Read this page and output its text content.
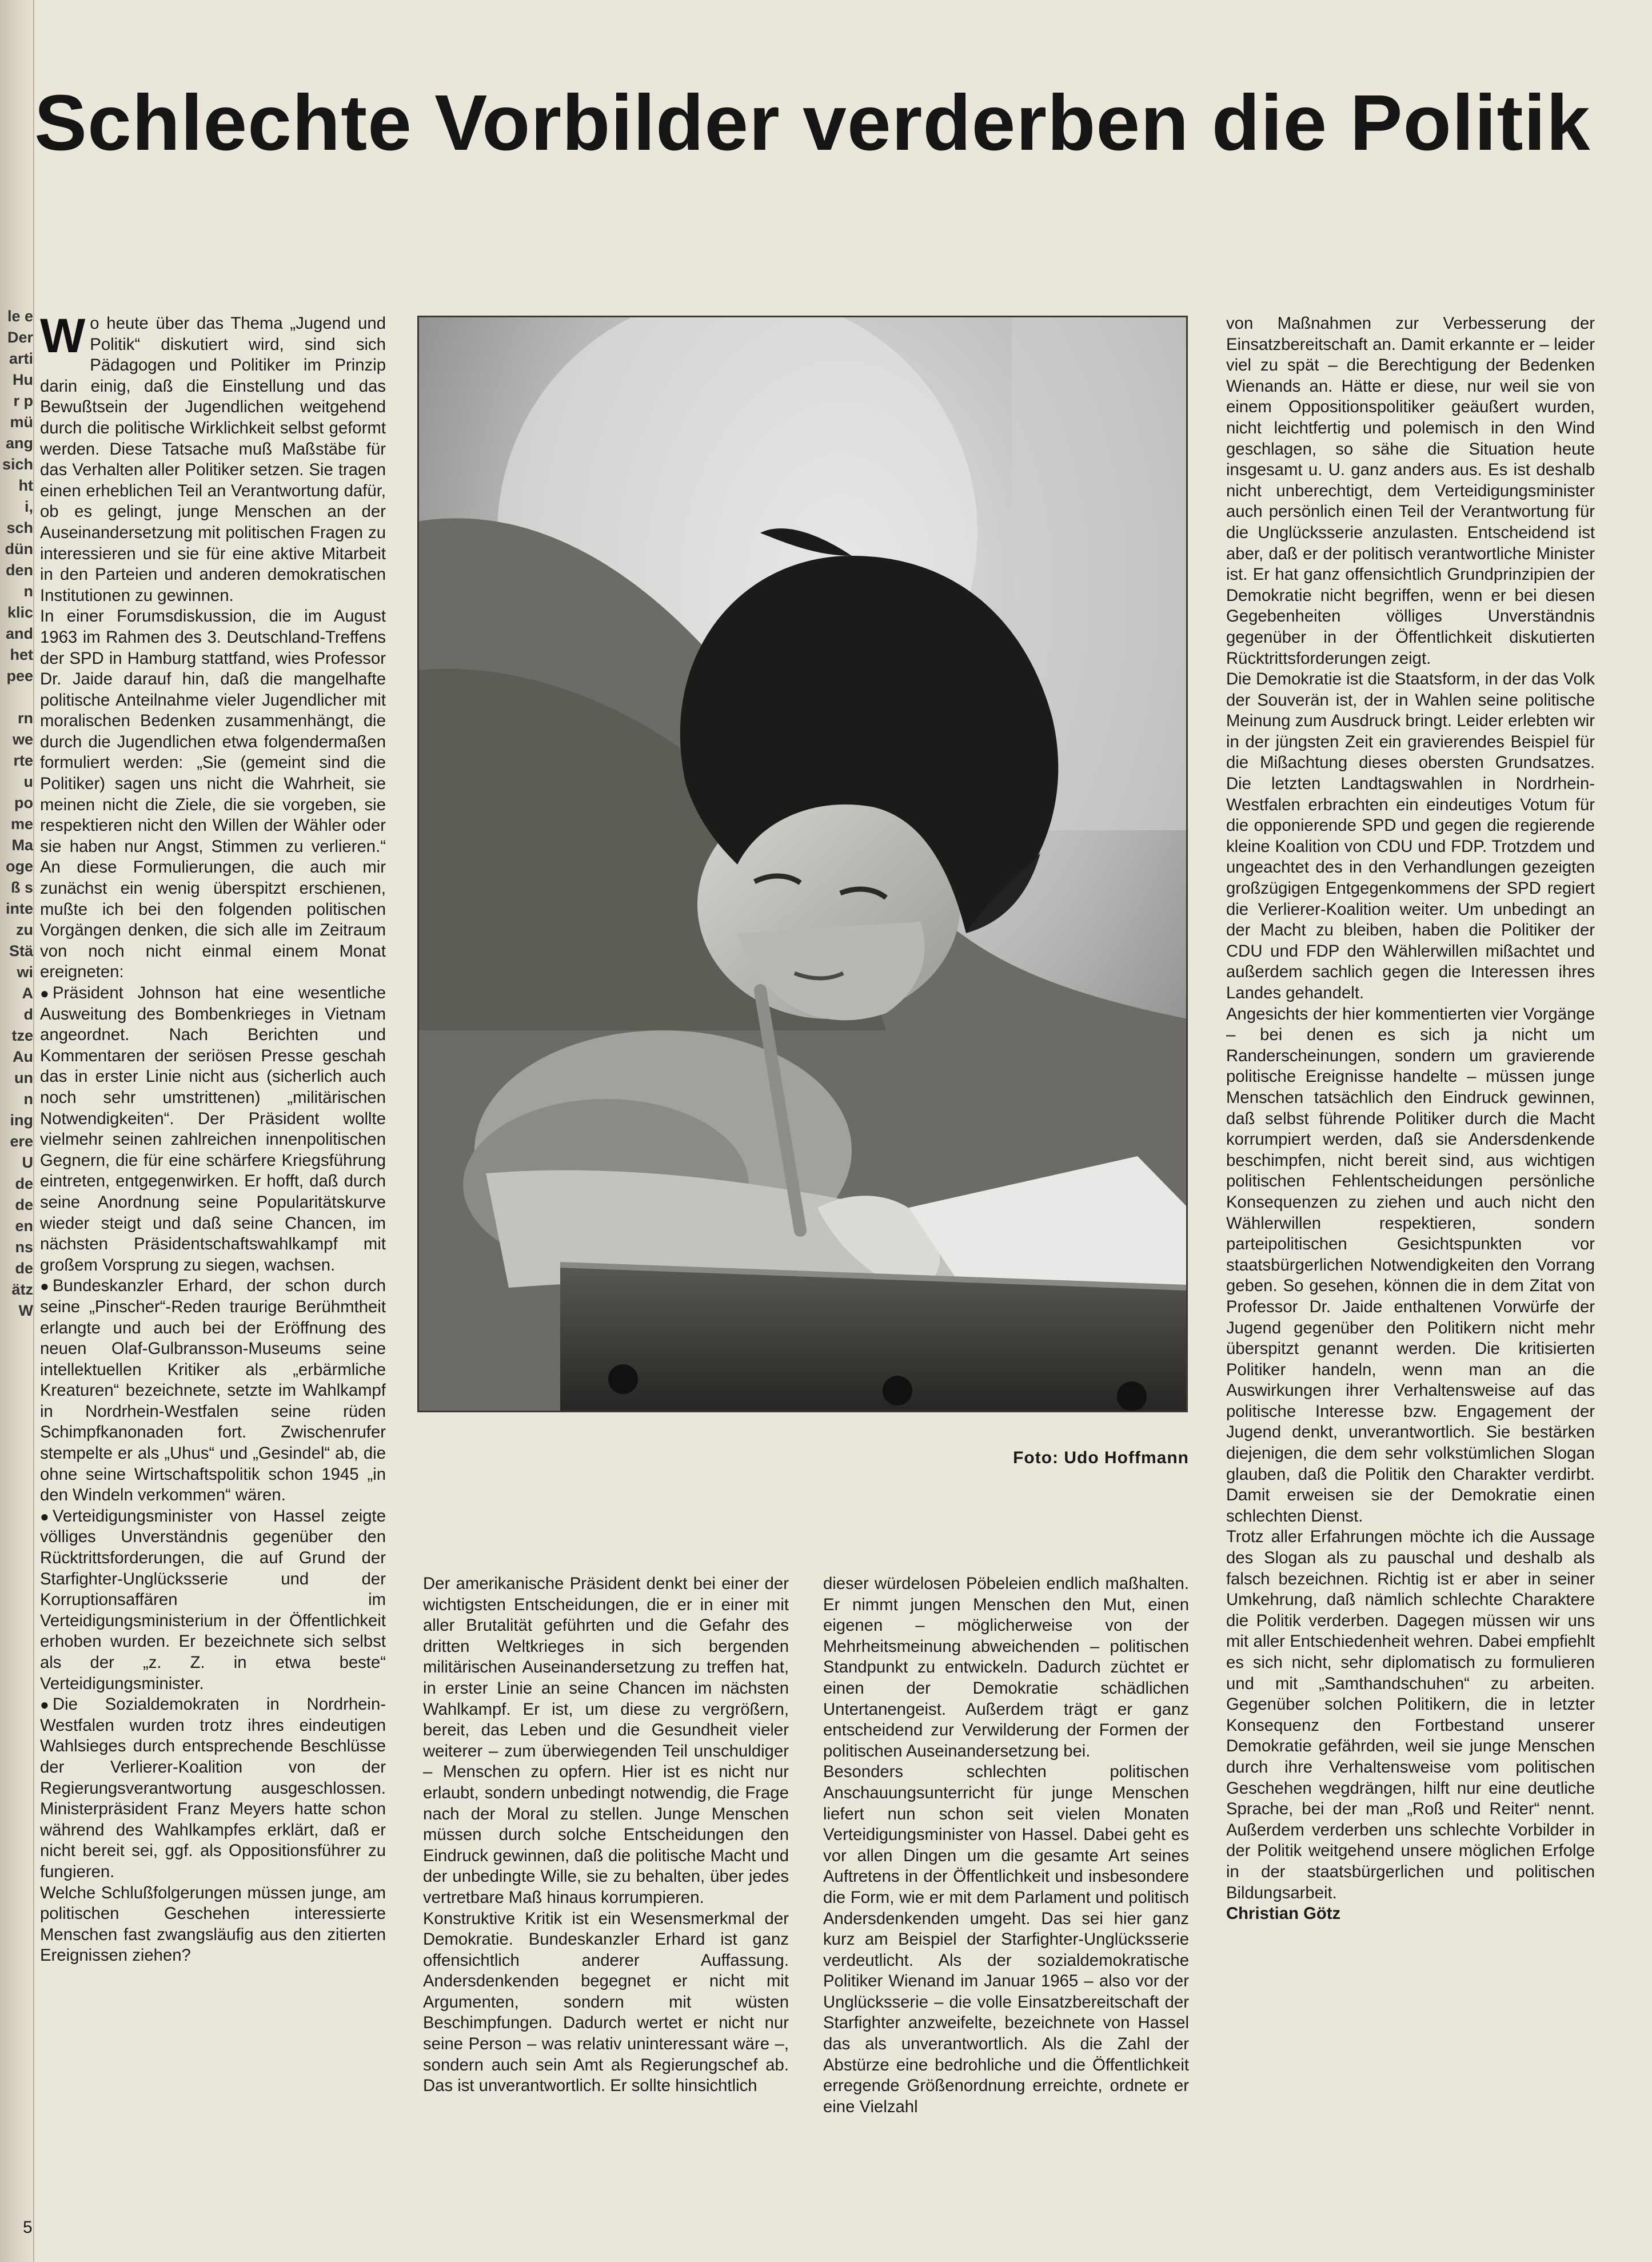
le e
Der
arti
Hu
r p
mü
ang
sich
ht
i,
sch
dün
den
n
klic
and
het
pee
rn
we
rte
u
po
me
Ma
oge
ß s
inte
zu
Stä
wi
A
d
tze
Au
un
n
ing
ere
U
de
de
en
ns
de
ätz
W
Schlechte Vorbilder verderben die Politik

Wo heute über das Thema „Jugend und Politik“ diskutiert wird, sind sich Pädagogen und Politiker im Prinzip darin einig, daß die Einstellung und das Bewußtsein der Jugendlichen weitgehend durch die politische Wirklichkeit selbst geformt werden. Diese Tatsache muß Maßstäbe für das Verhalten aller Politiker setzen. Sie tragen einen erheblichen Teil an Verantwortung dafür, ob es gelingt, junge Menschen an der Auseinandersetzung mit politischen Fragen zu interessieren und sie für eine aktive Mitarbeit in den Parteien und anderen demokratischen Institutionen zu gewinnen.

In einer Forumsdiskussion, die im August 1963 im Rahmen des 3. Deutschland-Treffens der SPD in Hamburg stattfand, wies Professor Dr. Jaide darauf hin, daß die mangelhafte politische Anteilnahme vieler Jugendlicher mit moralischen Bedenken zusammenhängt, die durch die Jugendlichen etwa folgendermaßen formuliert werden: „Sie (gemeint sind die Politiker) sagen uns nicht die Wahrheit, sie meinen nicht die Ziele, die sie vorgeben, sie respektieren nicht den Willen der Wähler oder sie haben nur Angst, Stimmen zu verlieren.“ An diese Formulierungen, die auch mir zunächst ein wenig überspitzt erschienen, mußte ich bei den folgenden politischen Vorgängen denken, die sich alle im Zeitraum von noch nicht einmal einem Monat ereigneten:

● Präsident Johnson hat eine wesentliche Ausweitung des Bombenkrieges in Vietnam angeordnet. Nach Berichten und Kommentaren der seriösen Presse geschah das in erster Linie nicht aus (sicherlich auch noch sehr umstrittenen) „militärischen Notwendigkeiten“. Der Präsident wollte vielmehr seinen zahlreichen innenpolitischen Gegnern, die für eine schärfere Kriegsführung eintreten, entgegenwirken. Er hofft, daß durch seine Anordnung seine Popularitätskurve wieder steigt und daß seine Chancen, im nächsten Präsidentschaftswahlkampf mit großem Vorsprung zu siegen, wachsen.

● Bundeskanzler Erhard, der schon durch seine „Pinscher“-Reden traurige Berühmtheit erlangte und auch bei der Eröffnung des neuen Olaf-Gulbransson-Museums seine intellektuellen Kritiker als „erbärmliche Kreaturen“ bezeichnete, setzte im Wahlkampf in Nordrhein-Westfalen seine rüden Schimpfkanonaden fort. Zwischenrufer stempelte er als „Uhus“ und „Gesindel“ ab, die ohne seine Wirtschaftspolitik schon 1945 „in den Windeln verkommen“ wären.

● Verteidigungsminister von Hassel zeigte völliges Unverständnis gegenüber den Rücktrittsforderungen, die auf Grund der Starfighter-Unglücksserie und der Korruptionsaffären im Verteidigungsministerium in der Öffentlichkeit erhoben wurden. Er bezeichnete sich selbst als der „z. Z. in etwa beste“ Verteidigungsminister.

● Die Sozialdemokraten in Nordrhein-Westfalen wurden trotz ihres eindeutigen Wahlsieges durch entsprechende Beschlüsse der Verlierer-Koalition von der Regierungsverantwortung ausgeschlossen. Ministerpräsident Franz Meyers hatte schon während des Wahlkampfes erklärt, daß er nicht bereit sei, ggf. als Oppositionsführer zu fungieren.

Welche Schlußfolgerungen müssen junge, am politischen Geschehen interessierte Menschen fast zwangsläufig aus den zitierten Ereignissen ziehen?

Foto: Udo Hoffmann

Der amerikanische Präsident denkt bei einer der wichtigsten Entscheidungen, die er in einer mit aller Brutalität geführten und die Gefahr des dritten Weltkrieges in sich bergenden militärischen Auseinandersetzung zu treffen hat, in erster Linie an seine Chancen im nächsten Wahlkampf. Er ist, um diese zu vergrößern, bereit, das Leben und die Gesundheit vieler weiterer – zum überwiegenden Teil unschuldiger – Menschen zu opfern. Hier ist es nicht nur erlaubt, sondern unbedingt notwendig, die Frage nach der Moral zu stellen. Junge Menschen müssen durch solche Entscheidungen den Eindruck gewinnen, daß die politische Macht und der unbedingte Wille, sie zu behalten, über jedes vertretbare Maß hinaus korrumpieren.

Konstruktive Kritik ist ein Wesensmerkmal der Demokratie. Bundeskanzler Erhard ist ganz offensichtlich anderer Auffassung. Andersdenkenden begegnet er nicht mit Argumenten, sondern mit wüsten Beschimpfungen. Dadurch wertet er nicht nur seine Person – was relativ uninteressant wäre –, sondern auch sein Amt als Regierungschef ab. Das ist unverantwortlich. Er sollte hinsichtlich

dieser würdelosen Pöbeleien endlich maßhalten. Er nimmt jungen Menschen den Mut, einen eigenen – möglicherweise von der Mehrheitsmeinung abweichenden – politischen Standpunkt zu entwickeln. Dadurch züchtet er einen der Demokratie schädlichen Untertanengeist. Außerdem trägt er ganz entscheidend zur Verwilderung der Formen der politischen Auseinandersetzung bei.

Besonders schlechten politischen Anschauungsunterricht für junge Menschen liefert nun schon seit vielen Monaten Verteidigungsminister von Hassel. Dabei geht es vor allen Dingen um die gesamte Art seines Auftretens in der Öffentlichkeit und insbesondere die Form, wie er mit dem Parlament und politisch Andersdenkenden umgeht. Das sei hier ganz kurz am Beispiel der Starfighter-Unglücksserie verdeutlicht. Als der sozialdemokratische Politiker Wienand im Januar 1965 – also vor der Unglücksserie – die volle Einsatzbereitschaft der Starfighter anzweifelte, bezeichnete von Hassel das als unverantwortlich. Als die Zahl der Abstürze eine bedrohliche und die Öffentlichkeit erregende Größenordnung erreichte, ordnete er eine Vielzahl

von Maßnahmen zur Verbesserung der Einsatzbereitschaft an. Damit erkannte er – leider viel zu spät – die Berechtigung der Bedenken Wienands an. Hätte er diese, nur weil sie von einem Oppositionspolitiker geäußert wurden, nicht leichtfertig und polemisch in den Wind geschlagen, so sähe die Situation heute insgesamt u. U. ganz anders aus. Es ist deshalb nicht unberechtigt, dem Verteidigungsminister auch persönlich einen Teil der Verantwortung für die Unglücksserie anzulasten. Entscheidend ist aber, daß er der politisch verantwortliche Minister ist. Er hat ganz offensichtlich Grundprinzipien der Demokratie nicht begriffen, wenn er bei diesen Gegebenheiten völliges Unverständnis gegenüber in der Öffentlichkeit diskutierten Rücktrittsforderungen zeigt.

Die Demokratie ist die Staatsform, in der das Volk der Souverän ist, der in Wahlen seine politische Meinung zum Ausdruck bringt. Leider erlebten wir in der jüngsten Zeit ein gravierendes Beispiel für die Mißachtung dieses obersten Grundsatzes. Die letzten Landtagswahlen in Nordrhein-Westfalen erbrachten ein eindeutiges Votum für die opponierende SPD und gegen die regierende kleine Koalition von CDU und FDP. Trotzdem und ungeachtet des in den Verhandlungen gezeigten großzügigen Entgegenkommens der SPD regiert die Verlierer-Koalition weiter. Um unbedingt an der Macht zu bleiben, haben die Politiker der CDU und FDP den Wählerwillen mißachtet und außerdem sachlich gegen die Interessen ihres Landes gehandelt.

Angesichts der hier kommentierten vier Vorgänge – bei denen es sich ja nicht um Randerscheinungen, sondern um gravierende politische Ereignisse handelte – müssen junge Menschen tatsächlich den Eindruck gewinnen, daß selbst führende Politiker durch die Macht korrumpiert werden, daß sie Andersdenkende beschimpfen, nicht bereit sind, aus wichtigen politischen Fehlentscheidungen persönliche Konsequenzen zu ziehen und auch nicht den Wählerwillen respektieren, sondern parteipolitischen Gesichtspunkten vor staatsbürgerlichen Notwendigkeiten den Vorrang geben. So gesehen, können die in dem Zitat von Professor Dr. Jaide enthaltenen Vorwürfe der Jugend gegenüber den Politikern nicht mehr überspitzt genannt werden. Die kritisierten Politiker handeln, wenn man an die Auswirkungen ihrer Verhaltensweise auf das politische Interesse bzw. Engagement der Jugend denkt, unverantwortlich. Sie bestärken diejenigen, die dem sehr volkstümlichen Slogan glauben, daß die Politik den Charakter verdirbt. Damit erweisen sie der Demokratie einen schlechten Dienst.

Trotz aller Erfahrungen möchte ich die Aussage des Slogan als zu pauschal und deshalb als falsch bezeichnen. Richtig ist er aber in seiner Umkehrung, daß nämlich schlechte Charaktere die Politik verderben. Dagegen müssen wir uns mit aller Entschiedenheit wehren. Dabei empfiehlt es sich nicht, sehr diplomatisch zu formulieren und mit „Samthandschuhen“ zu arbeiten. Gegenüber solchen Politikern, die in letzter Konsequenz den Fortbestand unserer Demokratie gefährden, weil sie junge Menschen durch ihre Verhaltensweise vom politischen Geschehen wegdrängen, hilft nur eine deutliche Sprache, bei der man „Roß und Reiter“ nennt. Außerdem verderben uns schlechte Vorbilder in der Politik weitgehend unsere möglichen Erfolge in der staatsbürgerlichen und politischen Bildungsarbeit.

Christian Götz

5
